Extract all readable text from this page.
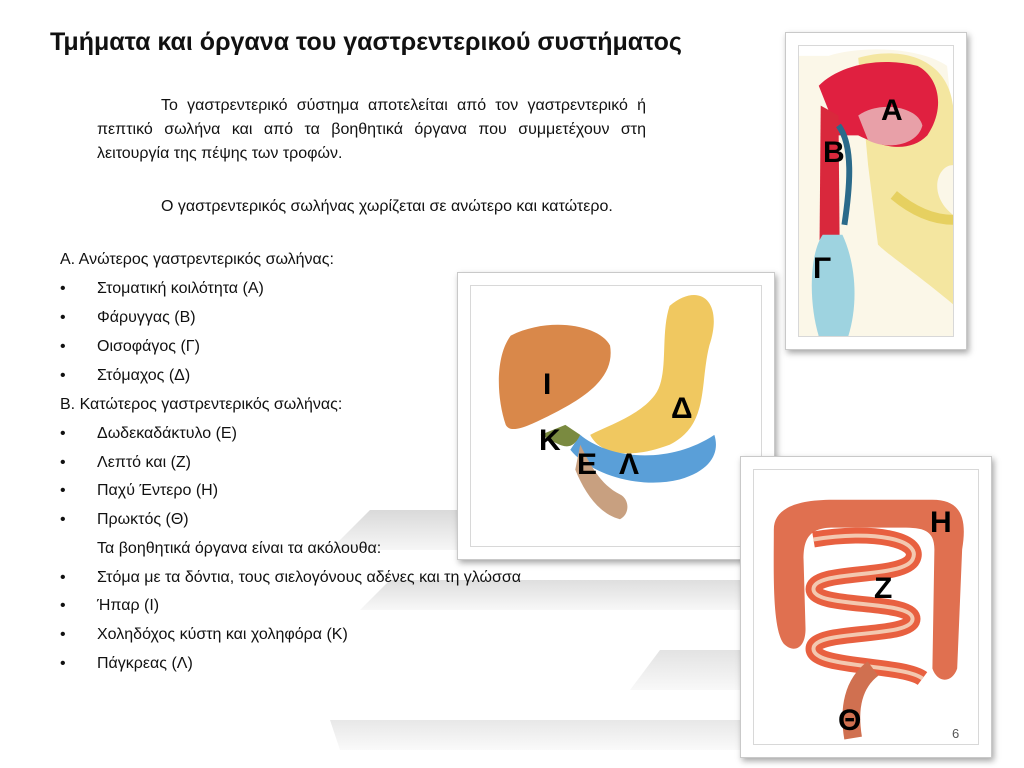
Τμήματα και όργανα του γαστρεντερικού συστήματος
Το γαστρεντερικό σύστημα αποτελείται από τον γαστρεντερικό ή πεπτικό σωλήνα και από τα βοηθητικά όργανα που συμμετέχουν στη λειτουργία της πέψης των τροφών.
Ο γαστρεντερικός σωλήνας χωρίζεται σε ανώτερο και κατώτερο.
Α. Ανώτερος γαστρεντερικός σωλήνας:
• Στοματική κοιλότητα (Α)
• Φάρυγγας (Β)
• Οισοφάγος (Γ)
• Στόμαχος (Δ)
Β. Κατώτερος γαστρεντερικός σωλήνας:
• Δωδεκαδάκτυλο (Ε)
• Λεπτό και (Ζ)
• Παχύ Έντερο (Η)
• Πρωκτός (Θ)
Τα βοηθητικά όργανα είναι τα ακόλουθα:
• Στόμα με τα δόντια, τους σιελογόνους αδένες και τη γλώσσα
• Ήπαρ (Ι)
• Χοληδόχος κύστη και χοληφόρα (Κ)
• Πάγκρεας (Λ)
Α
Β
Γ
Ι
Δ
Κ
Ε Λ
Η
Ζ
Θ	6
